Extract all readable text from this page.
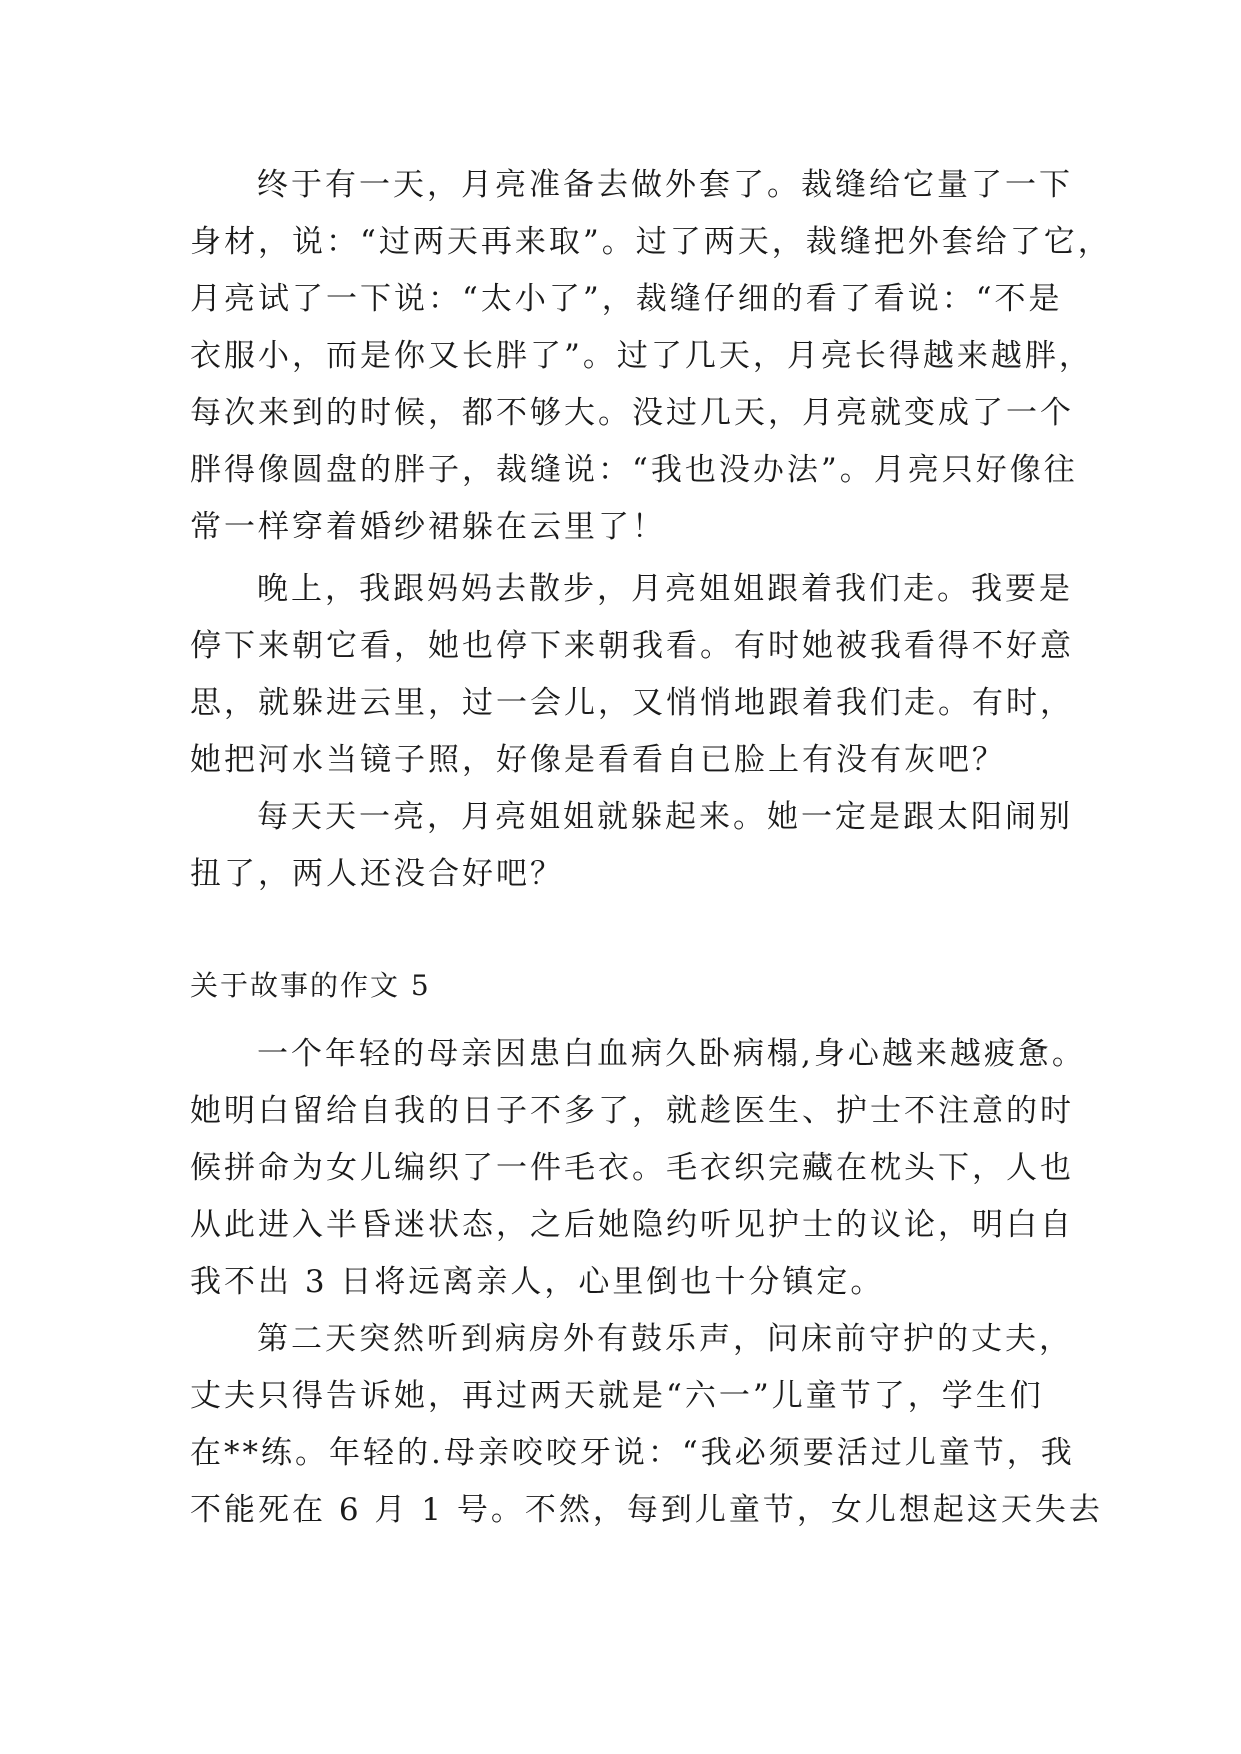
终于有一天，月亮准备去做外套了。裁缝给它量了一下
身材，说：“过两天再来取”。过了两天，裁缝把外套给了它，
月亮试了一下说：“太小了”，裁缝仔细的看了看说：“不是
衣服小，而是你又长胖了”。过了几天，月亮长得越来越胖，
每次来到的时候，都不够大。没过几天，月亮就变成了一个
胖得像圆盘的胖子，裁缝说：“我也没办法”。月亮只好像往
常一样穿着婚纱裙躲在云里了！
晚上，我跟妈妈去散步，月亮姐姐跟着我们走。我要是
停下来朝它看，她也停下来朝我看。有时她被我看得不好意
思，就躲进云里，过一会儿，又悄悄地跟着我们走。有时，
她把河水当镜子照，好像是看看自已脸上有没有灰吧？
每天天一亮，月亮姐姐就躲起来。她一定是跟太阳闹别
扭了，两人还没合好吧？
关于故事的作文 5
一个年轻的母亲因患白血病久卧病榻,身心越来越疲惫。
她明白留给自我的日子不多了，就趁医生、护士不注意的时
候拼命为女儿编织了一件毛衣。毛衣织完藏在枕头下，人也
从此进入半昏迷状态，之后她隐约听见护士的议论，明白自
我不出 3 日将远离亲人，心里倒也十分镇定。
第二天突然听到病房外有鼓乐声，问床前守护的丈夫，
丈夫只得告诉她，再过两天就是“六一”儿童节了，学生们
在**练。年轻的.母亲咬咬牙说：“我必须要活过儿童节，我
不能死在 6 月 1 号。不然，每到儿童节，女儿想起这天失去
